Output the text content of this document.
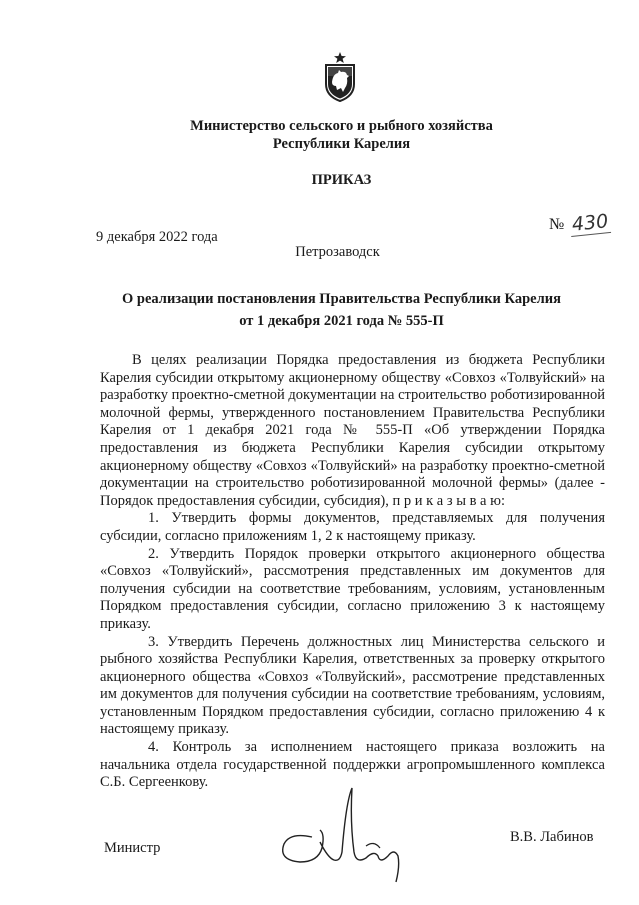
Министерство сельского и рыбного хозяйства
Республики Карелия
ПРИКАЗ
9 декабря 2022 года
№ 430
Петрозаводск
О реализации постановления Правительства Республики Карелия
от 1 декабря 2021 года № 555-П

В целях реализации Порядка предоставления из бюджета Республики Карелия субсидии открытому акционерному обществу «Совхоз «Толвуйский» на разработку проектно-сметной документации на строительство роботизированной молочной фермы, утвержденного постановлением Правительства Республики Карелия от 1 декабря 2021 года № 555-П «Об утверждении Порядка предоставления из бюджета Республики Карелия субсидии открытому акционерному обществу «Совхоз «Толвуйский» на разработку проектно-сметной документации на строительство роботизированной молочной фермы» (далее - Порядок предоставления субсидии, субсидия), п р и к а з ы в а ю:

1. Утвердить формы документов, представляемых для получения субсидии, согласно приложениям 1, 2 к настоящему приказу.

2. Утвердить Порядок проверки открытого акционерного общества «Совхоз «Толвуйский», рассмотрения представленных им документов для получения субсидии на соответствие требованиям, условиям, установленным Порядком предоставления субсидии, согласно приложению 3 к настоящему приказу.

3. Утвердить Перечень должностных лиц Министерства сельского и рыбного хозяйства Республики Карелия, ответственных за проверку открытого акционерного общества «Совхоз «Толвуйский», рассмотрение представленных им документов для получения субсидии на соответствие требованиям, условиям, установленным Порядком предоставления субсидии, согласно приложению 4 к настоящему приказу.

4. Контроль за исполнением настоящего приказа возложить на начальника отдела государственной поддержки агропромышленного комплекса С.Б. Сергеенкову.

Министр
В.В. Лабинов
